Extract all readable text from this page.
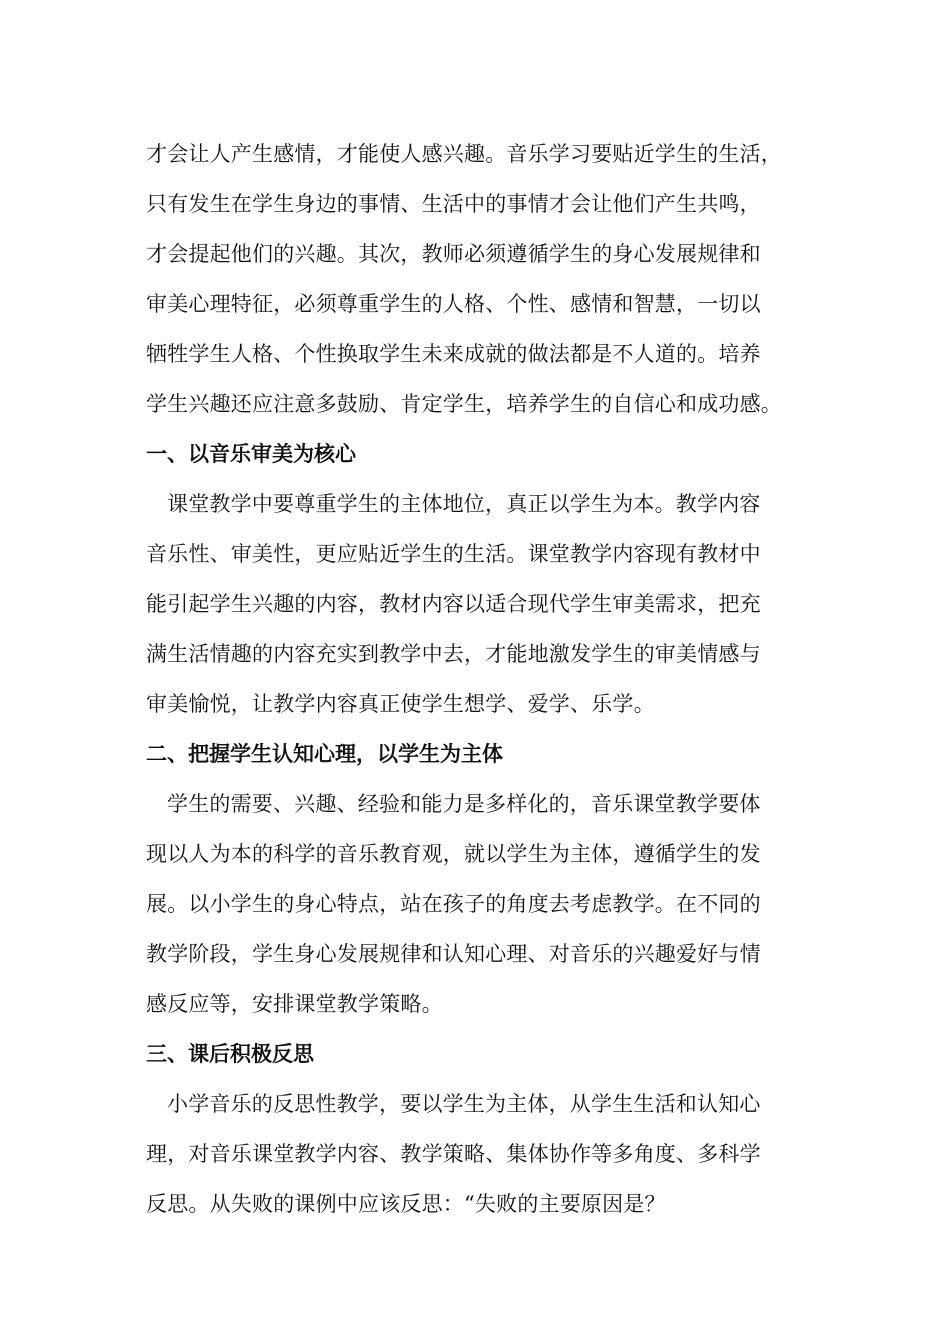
才会让人产生感情，才能使人感兴趣。音乐学习要贴近学生的生活，
只有发生在学生身边的事情、生活中的事情才会让他们产生共鸣，
才会提起他们的兴趣。其次，教师必须遵循学生的身心发展规律和
审美心理特征，必须尊重学生的人格、个性、感情和智慧，一切以
牺牲学生人格、个性换取学生未来成就的做法都是不人道的。培养
学生兴趣还应注意多鼓励、肯定学生，培养学生的自信心和成功感。
一、以音乐审美为核心
课堂教学中要尊重学生的主体地位，真正以学生为本。教学内容
音乐性、审美性，更应贴近学生的生活。课堂教学内容现有教材中
能引起学生兴趣的内容，教材内容以适合现代学生审美需求，把充
满生活情趣的内容充实到教学中去，才能地激发学生的审美情感与
审美愉悦，让教学内容真正使学生想学、爱学、乐学。
二、把握学生认知心理，以学生为主体
学生的需要、兴趣、经验和能力是多样化的，音乐课堂教学要体
现以人为本的科学的音乐教育观，就以学生为主体，遵循学生的发
展。以小学生的身心特点，站在孩子的角度去考虑教学。在不同的
教学阶段，学生身心发展规律和认知心理、对音乐的兴趣爱好与情
感反应等，安排课堂教学策略。
三、课后积极反思
小学音乐的反思性教学，要以学生为主体，从学生生活和认知心
理，对音乐课堂教学内容、教学策略、集体协作等多角度、多科学
反思。从失败的课例中应该反思：“失败的主要原因是？
